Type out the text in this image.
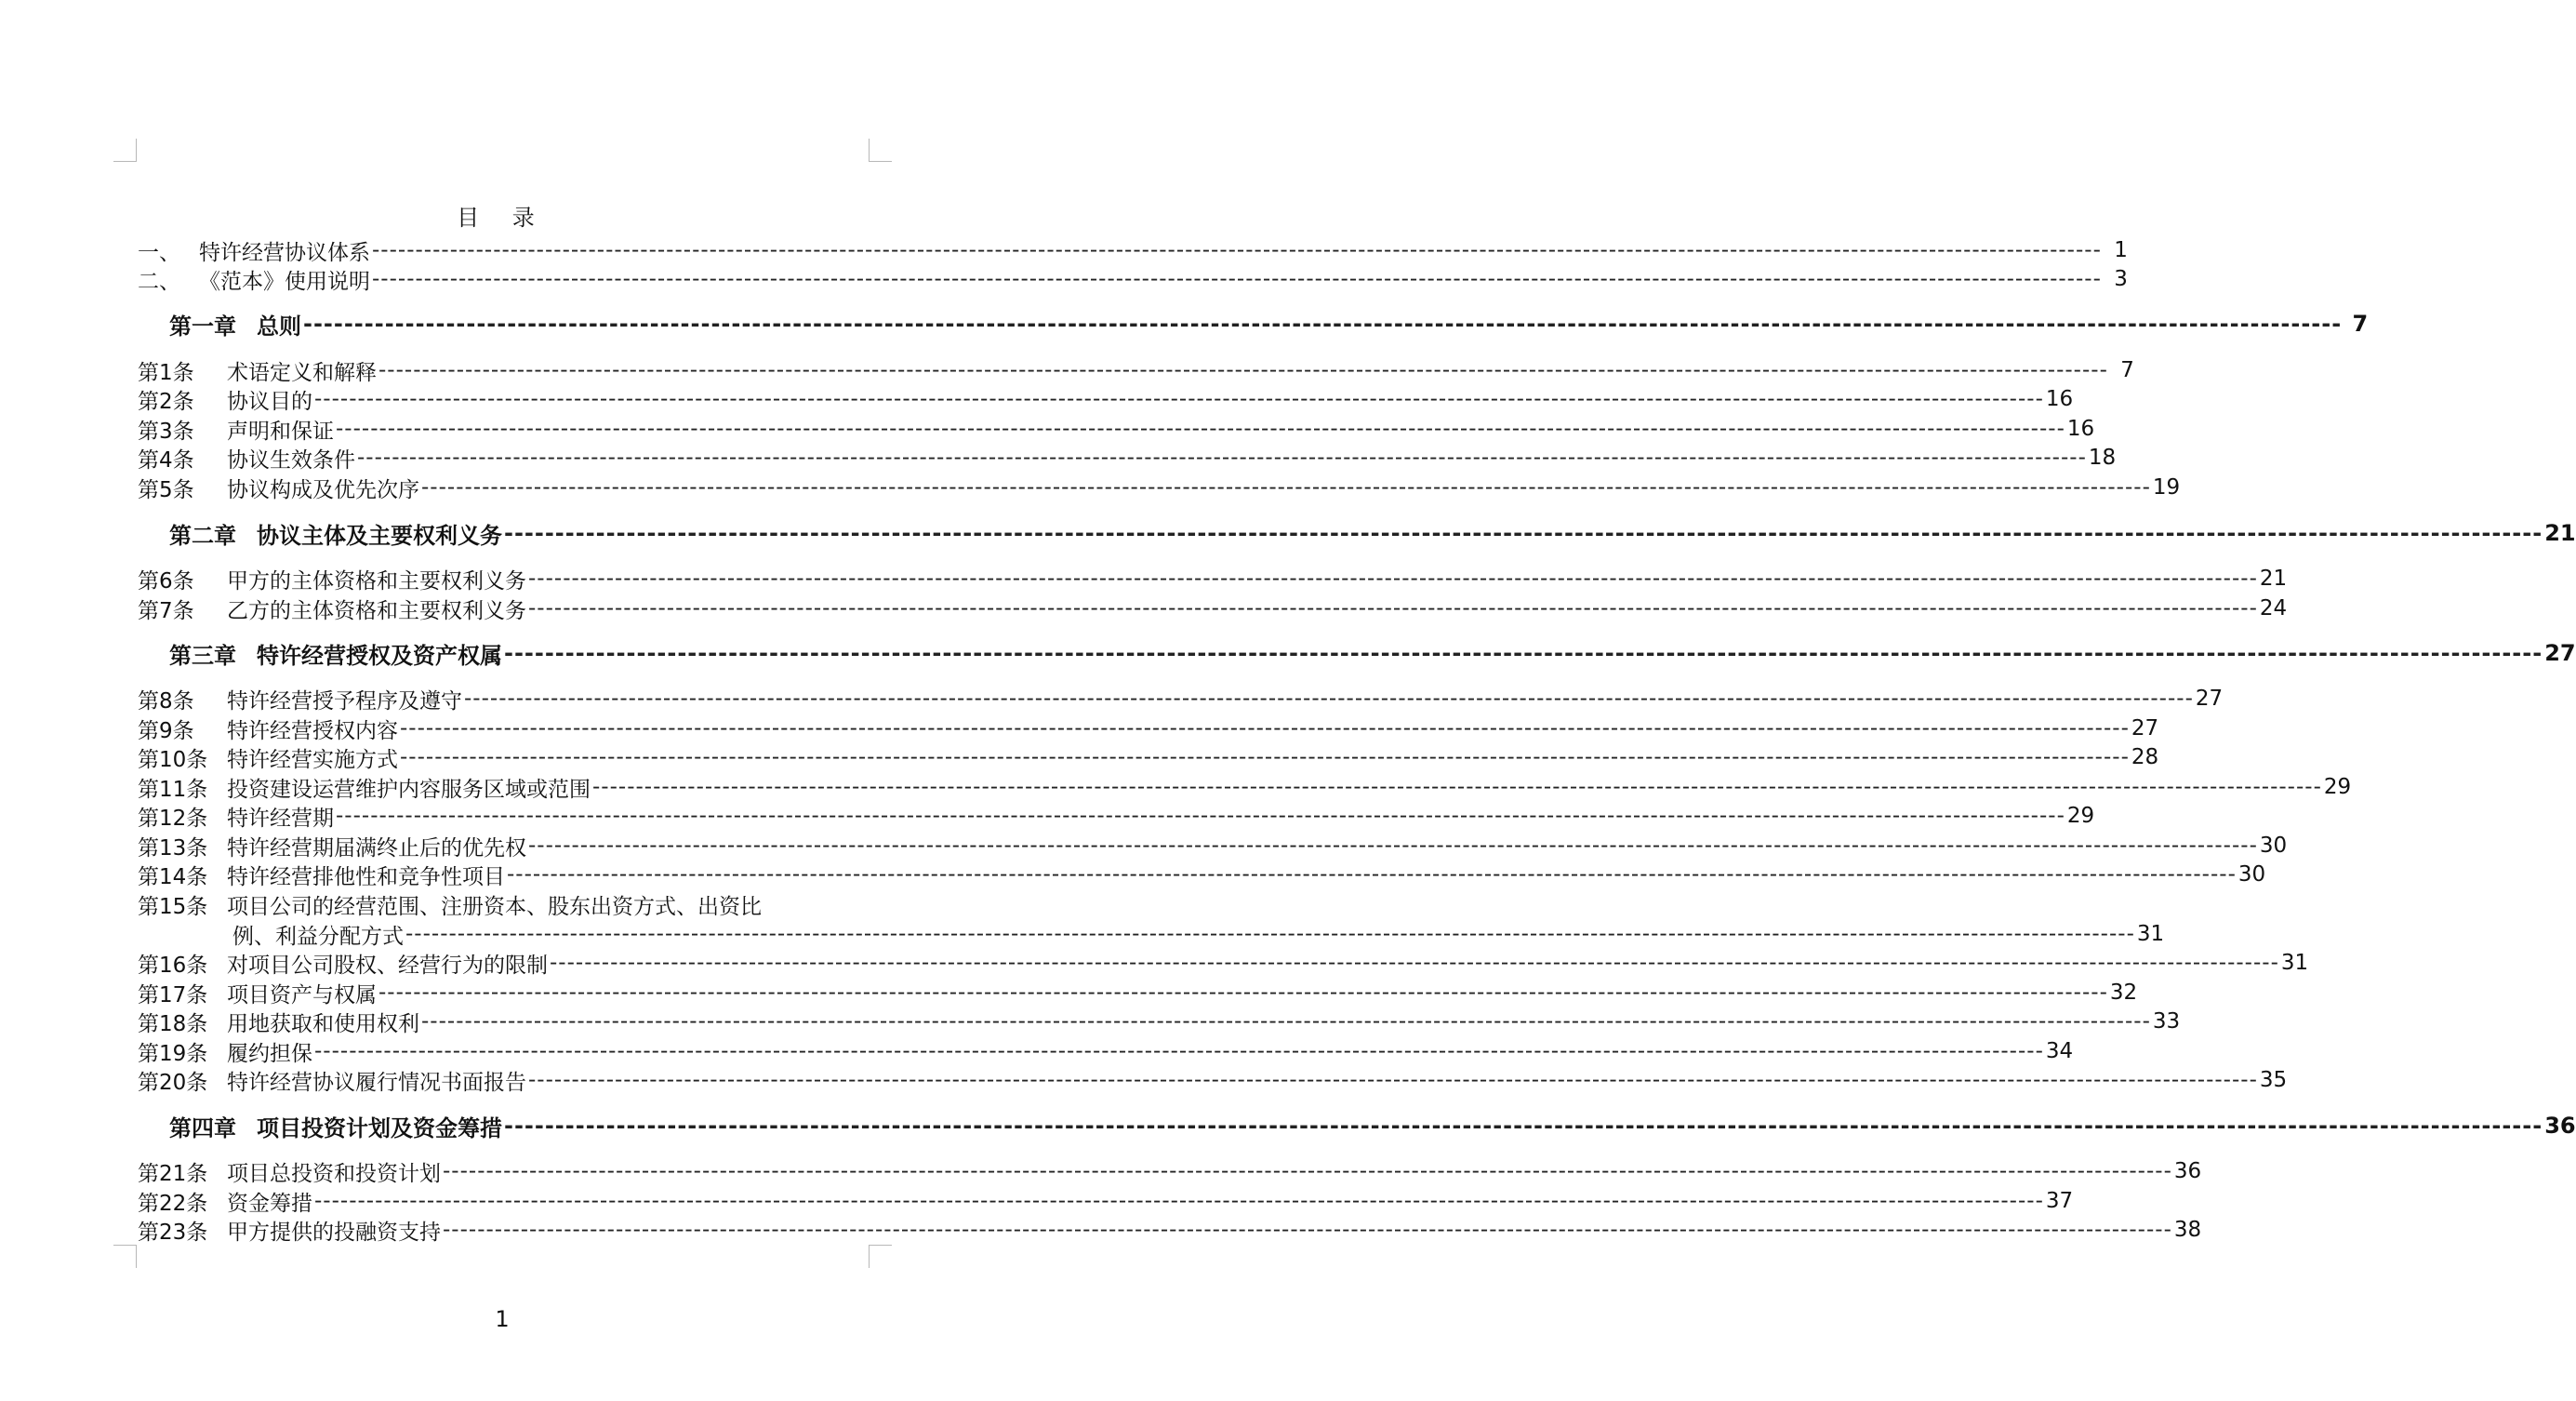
目 录
一、 特许经营协议体系 -------------------------------------------------------------------------------------------------------------------------------------------------------------------------------------------------------- 1
二、 《范本》使用说明 -------------------------------------------------------------------------------------------------------------------------------------------------------------------------------------------------------- 3
第一章 总则 -------------------------------------------------------------------------------------------------------------------------------------------------------------------------------------------------------- 7
第1条	术语定义和解释 -------------------------------------------------------------------------------------------------------------------------------------------------------------------------------------------------------- 7
第2条	协议目的 -------------------------------------------------------------------------------------------------------------------------------------------------------------------------------------------------------- 16
第3条	声明和保证 -------------------------------------------------------------------------------------------------------------------------------------------------------------------------------------------------------- 16
第4条	协议生效条件 -------------------------------------------------------------------------------------------------------------------------------------------------------------------------------------------------------- 18
第5条	协议构成及优先次序 -------------------------------------------------------------------------------------------------------------------------------------------------------------------------------------------------------- 19
第二章 协议主体及主要权利义务 -------------------------------------------------------------------------------------------------------------------------------------------------------------------------------------------------------- 21
第6条	甲方的主体资格和主要权利义务 -------------------------------------------------------------------------------------------------------------------------------------------------------------------------------------------------------- 21
第7条	乙方的主体资格和主要权利义务 -------------------------------------------------------------------------------------------------------------------------------------------------------------------------------------------------------- 24
第三章 特许经营授权及资产权属 -------------------------------------------------------------------------------------------------------------------------------------------------------------------------------------------------------- 27
第8条	特许经营授予程序及遵守 -------------------------------------------------------------------------------------------------------------------------------------------------------------------------------------------------------- 27
第9条	特许经营授权内容 -------------------------------------------------------------------------------------------------------------------------------------------------------------------------------------------------------- 27
第10条 特许经营实施方式 -------------------------------------------------------------------------------------------------------------------------------------------------------------------------------------------------------- 28
第11条 投资建设运营维护内容服务区域或范围 -------------------------------------------------------------------------------------------------------------------------------------------------------------------------------------------------------- 29
第12条 特许经营期 -------------------------------------------------------------------------------------------------------------------------------------------------------------------------------------------------------- 29
第13条 特许经营期届满终止后的优先权 -------------------------------------------------------------------------------------------------------------------------------------------------------------------------------------------------------- 30
第14条 特许经营排他性和竞争性项目 -------------------------------------------------------------------------------------------------------------------------------------------------------------------------------------------------------- 30
第15条 项目公司的经营范围、注册资本、股东出资方式、出资比
例、利益分配方式 -------------------------------------------------------------------------------------------------------------------------------------------------------------------------------------------------------- 31
第16条 对项目公司股权、经营行为的限制 -------------------------------------------------------------------------------------------------------------------------------------------------------------------------------------------------------- 31
第17条 项目资产与权属 -------------------------------------------------------------------------------------------------------------------------------------------------------------------------------------------------------- 32
第18条 用地获取和使用权利 -------------------------------------------------------------------------------------------------------------------------------------------------------------------------------------------------------- 33
第19条 履约担保 -------------------------------------------------------------------------------------------------------------------------------------------------------------------------------------------------------- 34
第20条 特许经营协议履行情况书面报告 -------------------------------------------------------------------------------------------------------------------------------------------------------------------------------------------------------- 35
第四章 项目投资计划及资金筹措 -------------------------------------------------------------------------------------------------------------------------------------------------------------------------------------------------------- 36
第21条 项目总投资和投资计划 -------------------------------------------------------------------------------------------------------------------------------------------------------------------------------------------------------- 36
第22条 资金筹措 -------------------------------------------------------------------------------------------------------------------------------------------------------------------------------------------------------- 37
第23条 甲方提供的投融资支持 -------------------------------------------------------------------------------------------------------------------------------------------------------------------------------------------------------- 38
1
